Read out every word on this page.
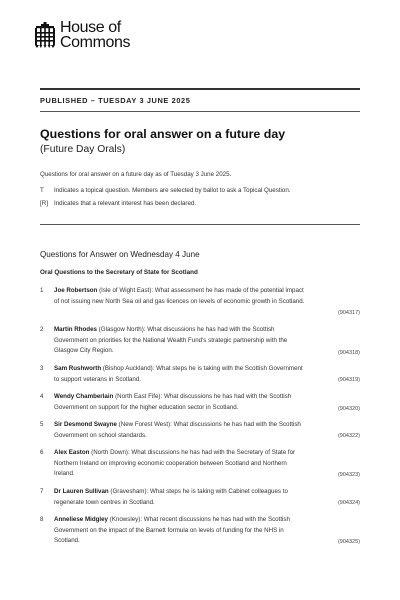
House of
Commons
PUBLISHED – TUESDAY 3 JUNE 2025
Questions for oral answer on a future day
(Future Day Orals)
Questions for oral answer on a future day as of Tuesday 3 June 2025.
T	Indicates a topical question. Members are selected by ballot to ask a Topical Question.
[R] Indicates that a relevant interest has been declared.
Questions for Answer on Wednesday 4 June
Oral Questions to the Secretary of State for Scotland
1 Joe Robertson (Isle of Wight East): What assessment he has made of the potential impact
of not issuing new North Sea oil and gas licences on levels of economic growth in Scotland.
(904317)
2 Martin Rhodes (Glasgow North): What discussions he has had with the Scottish
Government on priorities for the National Wealth Fund's strategic partnership with the
Glasgow City Region.	(904318)
3 Sam Rushworth (Bishop Auckland): What steps he is taking with the Scottish Government
to support veterans in Scotland.	(904319)
4 Wendy Chamberlain (North East Fife): What discussions he has had with the Scottish
Government on support for the higher education sector in Scotland.	(904320)
5 Sir Desmond Swayne (New Forest West): What discussions he has had with the Scottish
Government on school standards.	(904322)
6 Alex Easton (North Down): What discussions he has had with the Secretary of State for
Northern Ireland on improving economic cooperation between Scotland and Northern
Ireland.	(904323)
7 Dr Lauren Sullivan (Gravesham): What steps he is taking with Cabinet colleagues to
regenerate town centres in Scotland.	(904324)
8 Anneliese Midgley (Knowsley): What recent discussions he has had with the Scottish
Government on the impact of the Barnett formula on levels of funding for the NHS in
Scotland.	(904325)
